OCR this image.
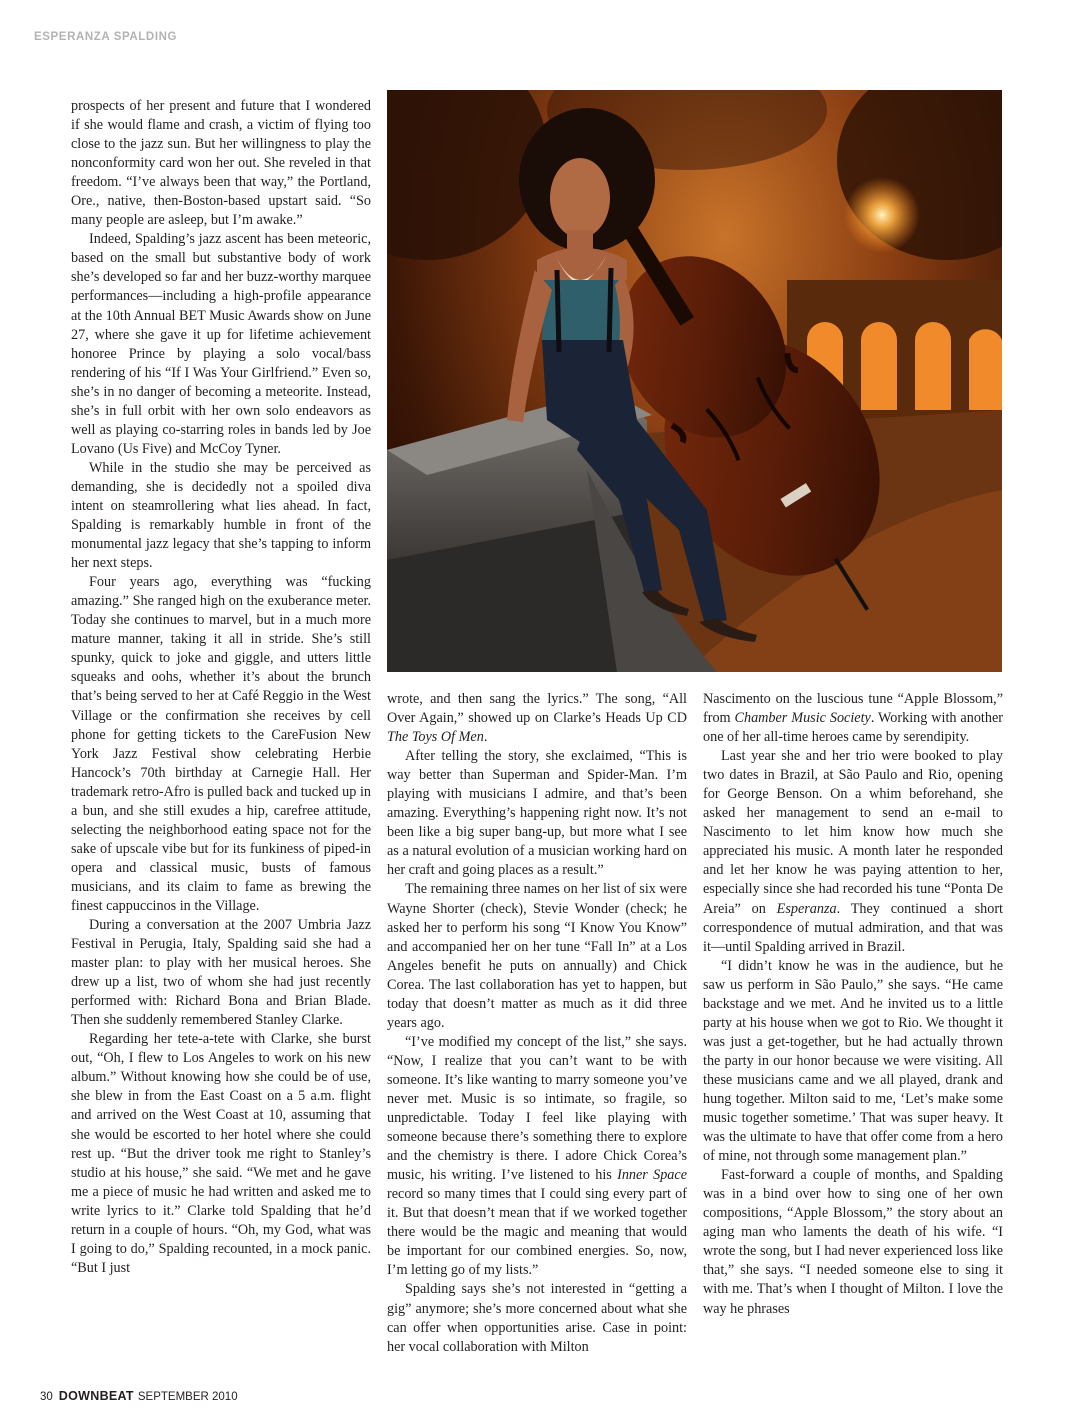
ESPERANZA SPALDING

prospects of her present and future that I wondered if she would flame and crash, a victim of flying too close to the jazz sun. But her willingness to play the nonconformity card won her out. She reveled in that freedom. “I’ve always been that way,” the Portland, Ore., native, then-Boston-based upstart said. “So many people are asleep, but I’m awake.”

Indeed, Spalding’s jazz ascent has been meteoric, based on the small but substantive body of work she’s developed so far and her buzz-worthy marquee performances—including a high-profile appearance at the 10th Annual BET Music Awards show on June 27, where she gave it up for lifetime achievement honoree Prince by playing a solo vocal/bass rendering of his “If I Was Your Girlfriend.” Even so, she’s in no danger of becoming a meteorite. Instead, she’s in full orbit with her own solo endeavors as well as playing co-starring roles in bands led by Joe Lovano (Us Five) and McCoy Tyner.

While in the studio she may be perceived as demanding, she is decidedly not a spoiled diva intent on steamrollering what lies ahead. In fact, Spalding is remarkably humble in front of the monumental jazz legacy that she’s tapping to inform her next steps.

Four years ago, everything was “fucking amazing.” She ranged high on the exuberance meter. Today she continues to marvel, but in a much more mature manner, taking it all in stride. She’s still spunky, quick to joke and giggle, and utters little squeaks and oohs, whether it’s about the brunch that’s being served to her at Café Reggio in the West Village or the confirmation she receives by cell phone for getting tickets to the CareFusion New York Jazz Festival show celebrating Herbie Hancock’s 70th birthday at Carnegie Hall. Her trademark retro-Afro is pulled back and tucked up in a bun, and she still exudes a hip, carefree attitude, selecting the neighborhood eating space not for the sake of upscale vibe but for its funkiness of piped-in opera and classical music, busts of famous musicians, and its claim to fame as brewing the finest cappuccinos in the Village.

During a conversation at the 2007 Umbria Jazz Festival in Perugia, Italy, Spalding said she had a master plan: to play with her musical heroes. She drew up a list, two of whom she had just recently performed with: Richard Bona and Brian Blade. Then she suddenly remembered Stanley Clarke.

Regarding her tete-a-tete with Clarke, she burst out, “Oh, I flew to Los Angeles to work on his new album.” Without knowing how she could be of use, she blew in from the East Coast on a 5 a.m. flight and arrived on the West Coast at 10, assuming that she would be escorted to her hotel where she could rest up. “But the driver took me right to Stanley’s studio at his house,” she said. “We met and he gave me a piece of music he had written and asked me to write lyrics to it.” Clarke told Spalding that he’d return in a couple of hours. “Oh, my God, what was I going to do,” Spalding recounted, in a mock panic. “But I just

wrote, and then sang the lyrics.” The song, “All Over Again,” showed up on Clarke’s Heads Up CD The Toys Of Men.

After telling the story, she exclaimed, “This is way better than Superman and Spider-Man. I’m playing with musicians I admire, and that’s been amazing. Everything’s happening right now. It’s not been like a big super bang-up, but more what I see as a natural evolution of a musician working hard on her craft and going places as a result.”

The remaining three names on her list of six were Wayne Shorter (check), Stevie Wonder (check; he asked her to perform his song “I Know You Know” and accompanied her on her tune “Fall In” at a Los Angeles benefit he puts on annually) and Chick Corea. The last collaboration has yet to happen, but today that doesn’t matter as much as it did three years ago.

“I’ve modified my concept of the list,” she says. “Now, I realize that you can’t want to be with someone. It’s like wanting to marry someone you’ve never met. Music is so intimate, so fragile, so unpredictable. Today I feel like playing with someone because there’s something there to explore and the chemistry is there. I adore Chick Corea’s music, his writing. I’ve listened to his Inner Space record so many times that I could sing every part of it. But that doesn’t mean that if we worked together there would be the magic and meaning that would be important for our combined energies. So, now, I’m letting go of my lists.”

Spalding says she’s not interested in “getting a gig” anymore; she’s more concerned about what she can offer when opportunities arise. Case in point: her vocal collaboration with Milton

Nascimento on the luscious tune “Apple Blossom,” from Chamber Music Society. Working with another one of her all-time heroes came by serendipity.

Last year she and her trio were booked to play two dates in Brazil, at São Paulo and Rio, opening for George Benson. On a whim beforehand, she asked her management to send an e-mail to Nascimento to let him know how much she appreciated his music. A month later he responded and let her know he was paying attention to her, especially since she had recorded his tune “Ponta De Areia” on Esperanza. They continued a short correspondence of mutual admiration, and that was it—until Spalding arrived in Brazil.

“I didn’t know he was in the audience, but he saw us perform in São Paulo,” she says. “He came backstage and we met. And he invited us to a little party at his house when we got to Rio. We thought it was just a get-together, but he had actually thrown the party in our honor because we were visiting. All these musicians came and we all played, drank and hung together. Milton said to me, ‘Let’s make some music together sometime.’ That was super heavy. It was the ultimate to have that offer come from a hero of mine, not through some management plan.”

Fast-forward a couple of months, and Spalding was in a bind over how to sing one of her own compositions, “Apple Blossom,” the story about an aging man who laments the death of his wife. “I wrote the song, but I had never experienced loss like that,” she says. “I needed someone else to sing it with me. That’s when I thought of Milton. I love the way he phrases

30 DOWNBEAT SEPTEMBER 2010
